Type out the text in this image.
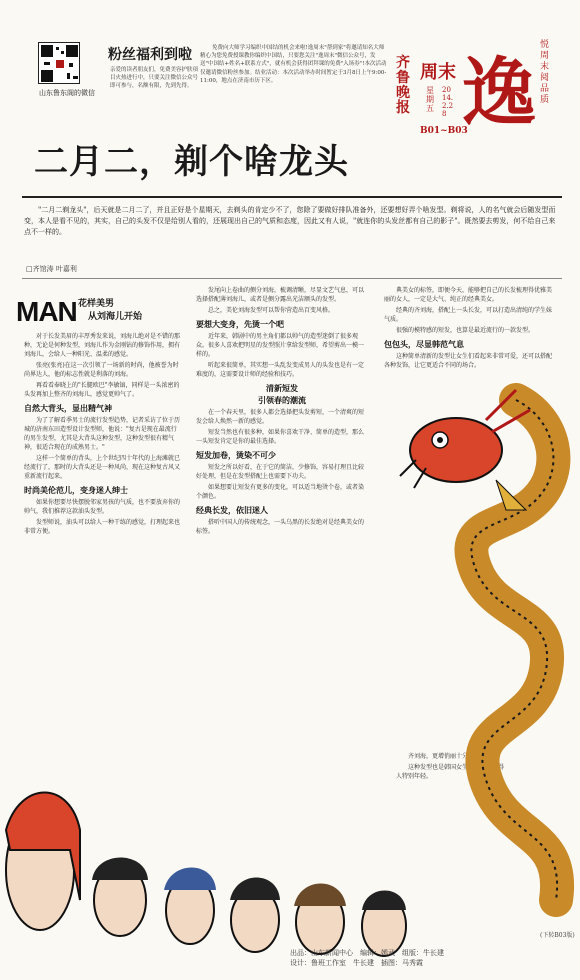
山东鲁东阁的微信
粉丝福利到啦
亲爱的读者朋友们，免费美容护肤项目火热进行中，只要关注微信公众号即可参与，名额有限，先到先得。
免费向大师学习编织中国结的机会来啦!逸周末"帮到家"将邀请知名大师精心为您免费授课教你编织中国结，只要您关注"逸周末"微信公众号，发送"中国结+姓名+联系方式"，就有机会获得团拜课的免费"入场券"!本次活动仅邀请微信粉丝参加。结业活动：本次活动举办时间暂定于3月8日上午9:00-11:00，地点在济南市历下区。
齐鲁晚报
周末
星期五
2014.2.28
B01~B03
逸
悦周末 阅品质
二月二，剃个啥龙头
"二月二剃龙头"，后天就是二月二了，并且正好是个星期天，去剃头的肯定少不了，您除了要做好排队准备外，还要想好弄个啥发型。剃将说，人的名气就会后随发型而变，本人是看不见的，其实，自己的头发不仅是给别人看的，还展现出自己的气质和态度，因此又有人说，"就连你的头发丝都有自己的影子"。既然要去剪发，何不给自己来点不一样的。
□齐馆涛 叶嘉利
MAN 花样美男
从刘海儿开始

对于长发美眉的丰厚秀发来说，刘海儿绝对是不错的那种，无论是何种发型，刘海儿作为金刚钻的修饰作用，拥有刘海儿，会给人一种阳光、温柔的感觉。

张亮(张亮)在这一次引领了一场新的时尚，他被誉为时尚界达人，他的标志性就是利落的刘海。

再看看奉晓上的"长腿欧巴"李敏镐，同样是一头浓密的头发再加上整齐的刘海儿，感觉更帅气了。

自然大背头，显出精气神

为了了解看季男士的流行发型趋势，记者采访了位于历城的济南东田造型设计发型师，他说："复古是现在最流行的男生发型，尤其是大背头这种发型，这种发型很有精气神，很适合现在的成熟男士。"

这样一个简单的背头，上个世纪四十年代的上海滩就已经流行了，那时的大背头还是一种风尚，现在这种复古风又重新流行起来。

时尚美伦范儿，变身迷人绅士

如果你想要尽快摆脱邻家男孩的气质，也不要放弃你的帅气，我们推荐这款油头发型。

发型师说，油头可以给人一种干练的感觉，打理起来也非常方便。

发尾向上卷曲的侧分刘海，梳调清晰，尽显文艺气息，可以选择搭配薄刘海儿，或者是侧分露出光洁额头的发型。

总之，美伦刘海发型可以帮你营造出百变风格。

要想大变身，先烫一个吧

近年来，韩剧中的男主角们都以帅气的造型迷倒了很多观众。很多人喜欢把明星的发型照片拿给发型师，希望剪出一模一样的。

听起来很简单，其实想一头乱发变成男人的头发也是有一定难度的，这需要设计师的经验和技巧。

清新短发
引领春的潮流

在一个春天里，很多人都会选择把头发剪短，一个清爽的短发会给人焕然一新的感觉。

短发当然也有很多种，如果你喜欢干净、简单的造型，那么一头短发肯定是你的最佳选择。

短发加卷，烫染不可少

短发之所以好看，在于它的简洁，少修饰，容易打理且比较好处理，但是在发型搭配上也需要下功夫。

如果想要让短发有更多的变化，可以适当地烫个卷，或者染个颜色。

经典长发，依旧迷人

搭听中国人的传统观念，一头乌黑的长发绝对是经典美女的标签。

典美女的标签，即便今天，能够把自己的长发梳理得优雅美丽的女人，一定是大气、纯正的经典美女。

经典的齐刘海，搭配上一头长发，可以打造出清纯的学生妹气质。

很强的模特感的短发，也算是最近流行的一款发型。

包包头，尽显韩范气息

这种简单清新的发型让女生们看起来非常可爱，还可以搭配各种发饰，让它更适合不同的场合。

齐刘海，更增俏丽十分清秀

这种发型也是韩国女生的最爱，显得人特别年轻。

(下转B03版)
出品：山东新闻中心　编辑：嫣武　组版：牛长建
设计：鲁班工作室　牛长建　插图：马秀霞
